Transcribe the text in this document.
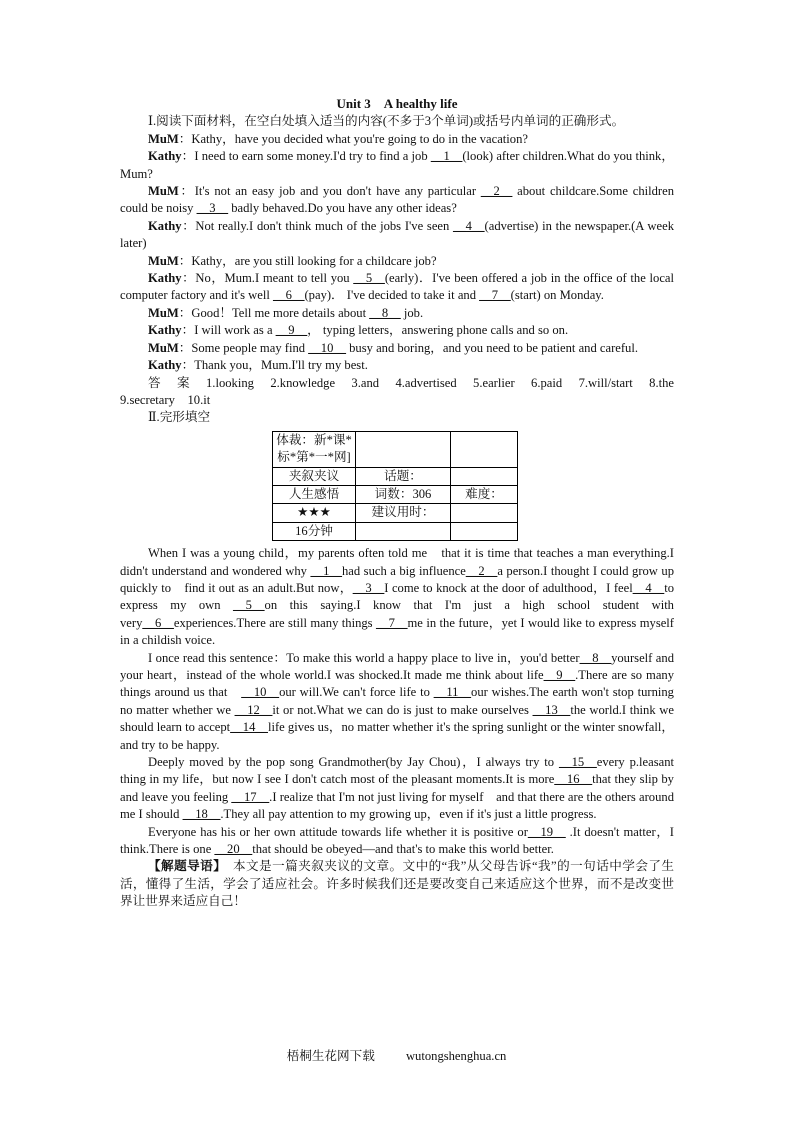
Unit 3　A healthy life

Ⅰ.阅读下面材料，在空白处填入适当的内容(不多于3个单词)或括号内单词的正确形式。

MuM：Kathy，have you decided what you're going to do in the vacation?

Kathy：I need to earn some money.I'd try to find a job __1__(look) after children.What do you think，Mum?

MuM：It's not an easy job and you don't have any particular __2__ about childcare.Some children could be noisy __3__ badly behaved.Do you have any other ideas?

Kathy：Not really.I don't think much of the jobs I've seen __4__(advertise) in the newspaper.(A week later)

MuM：Kathy，are you still looking for a childcare job?

Kathy：No，Mum.I meant to tell you __5__(early)．I've been offered a job in the office of the local computer factory and it's well __6__(pay)． I've decided to take it and __7__(start) on Monday.

MuM：Good！Tell me more details about __8__ job.

Kathy：I will work as a __9__， typing letters，answering phone calls and so on.

MuM：Some people may find __10__ busy and boring，and you need to be patient and careful.

Kathy：Thank you，Mum.I'll try my best.

答　案　 1.looking　2.knowledge　3.and　4.advertised　5.earlier　6.paid　7.will/start　8.the　9.secretary　10.it

Ⅱ.完形填空

体裁：新*课*标*第*一*网]		
夹叙夹议	话题：	
人生感悟	词数：306	难度：
★★★	建议用时：	
16分钟		

When I was a young child，my parents often told me　that it is time that teaches a man everything.I didn't understand and wondered why __1__had such a big influence__2__a person.I thought I could grow up quickly to　find it out as an adult.But now，__3__I come to knock at the door of adulthood，I feel__4__to express my own __5__on this saying.I know that I'm just a high school student with very__6__experiences.There are still many things __7__me in the future，yet I would like to express myself in a childish voice.

I once read this sentence：To make this world a happy place to live in，you'd better__8__yourself and your heart，instead of the whole world.I was shocked.It made me think about life__9__.There are so many things around us that　__10__our will.We can't force life to __11__our wishes.The earth won't stop turning no matter whether we __12__it or not.What we can do is just to make ourselves __13__the world.I think we should learn to accept__14__life gives us，no matter whether it's the spring sunlight or the winter snowfall，and try to be happy.

Deeply moved by the pop song Grandmother(by Jay Chou)，I always try to __15__every p.leasant thing in my life，but now I see I don't catch most of the pleasant moments.It is more__16__that they slip by and leave you feeling __17__.I realize that I'm not just living for myself　and that there are the others around me I should __18__.They all pay attention to my growing up，even if it's just a little progress.

Everyone has his or her own attitude towards life whether it is positive or__19__ .It doesn't matter，I think.There is one __20__that should be obeyed—and that's to make this world better.

【解题导语】　本文是一篇夹叙夹议的文章。文中的“我”从父母告诉“我”的一句话中学会了生活，懂得了生活，学会了适应社会。许多时候我们还是要改变自己来适应这个世界，而不是改变世界让世界来适应自己！

梧桐生花网下载 wutongshenghua.cn
